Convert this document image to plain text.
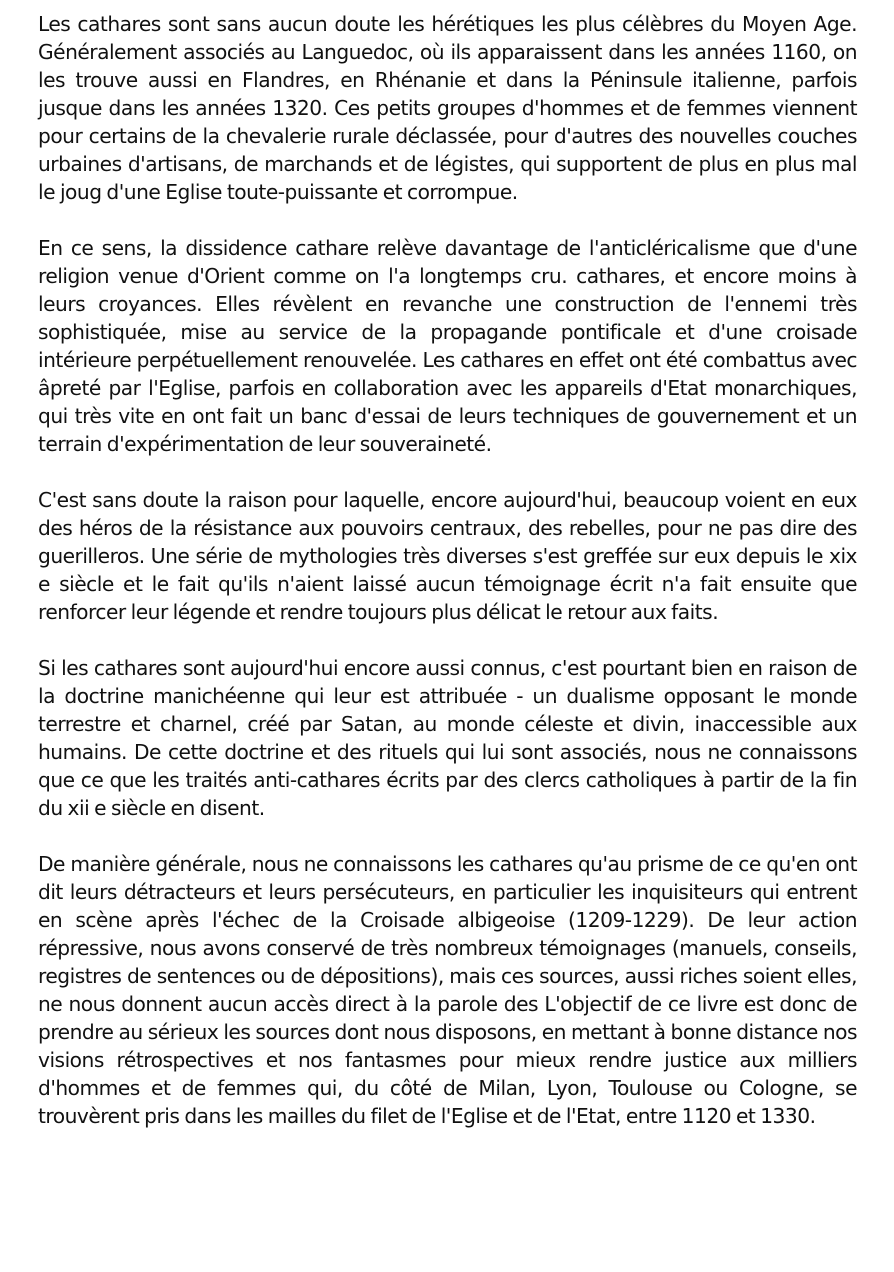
Les cathares sont sans aucun doute les hérétiques les plus célèbres du Moyen Age. Généralement associés au Languedoc, où ils apparaissent dans les années 1160, on les trouve aussi en Flandres, en Rhénanie et dans la Péninsule italienne, parfois jusque dans les années 1320. Ces petits groupes d'hommes et de femmes viennent pour certains de la chevalerie rurale déclassée, pour d'autres des nouvelles couches urbaines d'artisans, de marchands et de légistes, qui supportent de plus en plus mal le joug d'une Eglise toute-puissante et corrompue.

En ce sens, la dissidence cathare relève davantage de l'anticléricalisme que d'une religion venue d'Orient comme on l'a longtemps cru. cathares, et encore moins à leurs croyances. Elles révèlent en revanche une construction de l'ennemi très sophistiquée, mise au service de la propagande pontificale et d'une croisade intérieure perpétuellement renouvelée. Les cathares en effet ont été combattus avec âpreté par l'Eglise, parfois en collaboration avec les appareils d'Etat monarchiques, qui très vite en ont fait un banc d'essai de leurs techniques de gouvernement et un terrain d'expérimentation de leur souveraineté.

C'est sans doute la raison pour laquelle, encore aujourd'hui, beaucoup voient en eux des héros de la résistance aux pouvoirs centraux, des rebelles, pour ne pas dire des guerilleros. Une série de mythologies très diverses s'est greffée sur eux depuis le xix e siècle et le fait qu'ils n'aient laissé aucun témoignage écrit n'a fait ensuite que renforcer leur légende et rendre toujours plus délicat le retour aux faits.

Si les cathares sont aujourd'hui encore aussi connus, c'est pourtant bien en raison de la doctrine manichéenne qui leur est attribuée - un dualisme opposant le monde terrestre et charnel, créé par Satan, au monde céleste et divin, inaccessible aux humains. De cette doctrine et des rituels qui lui sont associés, nous ne connaissons que ce que les traités anti-cathares écrits par des clercs catholiques à partir de la fin du xii e siècle en disent.

De manière générale, nous ne connaissons les cathares qu'au prisme de ce qu'en ont dit leurs détracteurs et leurs persécuteurs, en particulier les inquisiteurs qui entrent en scène après l'échec de la Croisade albigeoise (1209-1229). De leur action répressive, nous avons conservé de très nombreux témoignages (manuels, conseils, registres de sentences ou de dépositions), mais ces sources, aussi riches soient elles, ne nous donnent aucun accès direct à la parole des L'objectif de ce livre est donc de prendre au sérieux les sources dont nous disposons, en mettant à bonne distance nos visions rétrospectives et nos fantasmes pour mieux rendre justice aux milliers d'hommes et de femmes qui, du côté de Milan, Lyon, Toulouse ou Cologne, se trouvèrent pris dans les mailles du filet de l'Eglise et de l'Etat, entre 1120 et 1330.
